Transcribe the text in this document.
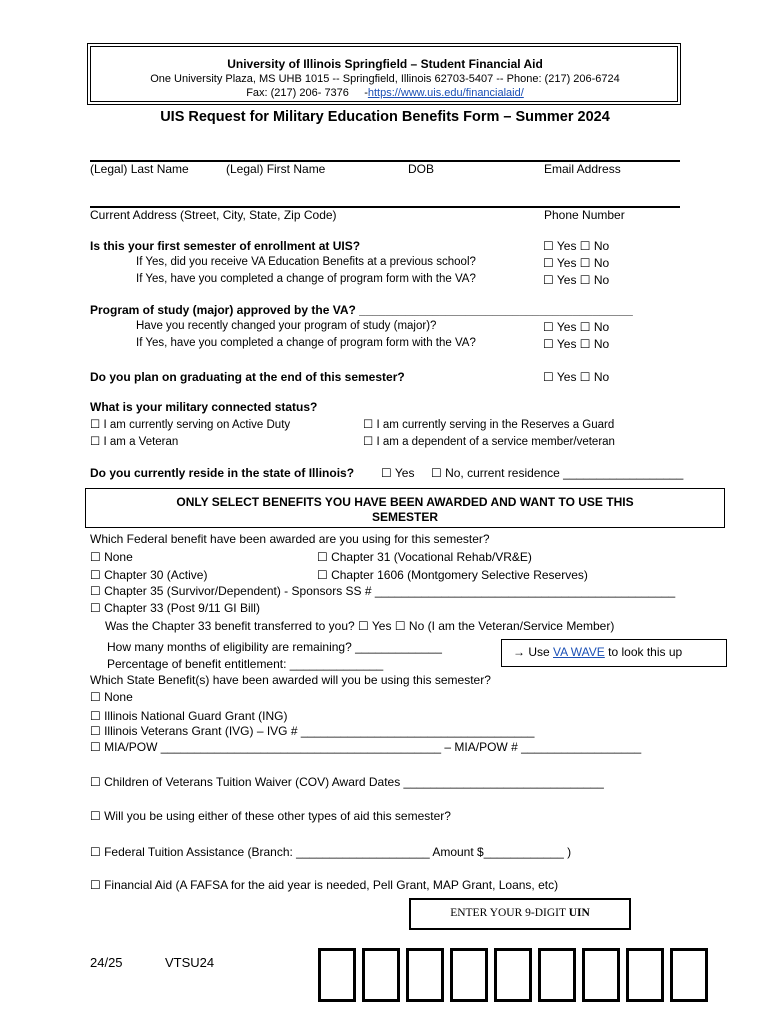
University of Illinois Springfield – Student Financial Aid
One University Plaza, MS UHB 1015 -- Springfield, Illinois 62703-5407 -- Phone: (217) 206-6724
Fax: (217) 206- 7376 -https://www.uis.edu/financialaid/
UIS Request for Military Education Benefits Form – Summer 2024
(Legal) Last Name	(Legal) First Name	DOB	Email Address
Current Address (Street, City, State, Zip Code)	Phone Number
Is this your first semester of enrollment at UIS?	☐ Yes ☐ No
If Yes, did you receive VA Education Benefits at a previous school?	☐ Yes ☐ No
If Yes, have you completed a change of program form with the VA?	☐ Yes ☐ No
Program of study (major) approved by the VA? _________________________________________
Have you recently changed your program of study (major)?	☐ Yes ☐ No
If Yes, have you completed a change of program form with the VA?	☐ Yes ☐ No
Do you plan on graduating at the end of this semester?	☐ Yes ☐ No
What is your military connected status?
☐ I am currently serving on Active Duty	☐ I am currently serving in the Reserves a Guard
☐ I am a Veteran	☐ I am a dependent of a service member/veteran
Do you currently reside in the state of Illinois? ☐ Yes ☐ No, current residence __________________
ONLY SELECT BENEFITS YOU HAVE BEEN AWARDED AND WANT TO USE THIS
SEMESTER
Which Federal benefit have been awarded are you using for this semester?
☐ None	☐ Chapter 31 (Vocational Rehab/VR&E)
☐ Chapter 30 (Active)	☐ Chapter 1606 (Montgomery Selective Reserves)
☐ Chapter 35 (Survivor/Dependent) - Sponsors SS # _____________________________________________
☐ Chapter 33 (Post 9/11 GI Bill)
Was the Chapter 33 benefit transferred to you? ☐ Yes ☐ No (I am the Veteran/Service Member)
How many months of eligibility are remaining? _____________
Percentage of benefit entitlement: ______________
→ Use VA WAVE to look this up
Which State Benefit(s) have been awarded will you be using this semester?
☐ None
☐ Illinois National Guard Grant (ING)
☐ Illinois Veterans Grant (IVG) – IVG # ___________________________________
☐ MIA/POW __________________________________________ – MIA/POW # __________________
☐ Children of Veterans Tuition Waiver (COV) Award Dates ______________________________
☐ Will you be using either of these other types of aid this semester?
☐ Federal Tuition Assistance (Branch: ____________________ Amount $____________ )
☐ Financial Aid (A FAFSA for the aid year is needed, Pell Grant, MAP Grant, Loans, etc)
ENTER YOUR 9-DIGIT UIN
24/25	VTSU24
